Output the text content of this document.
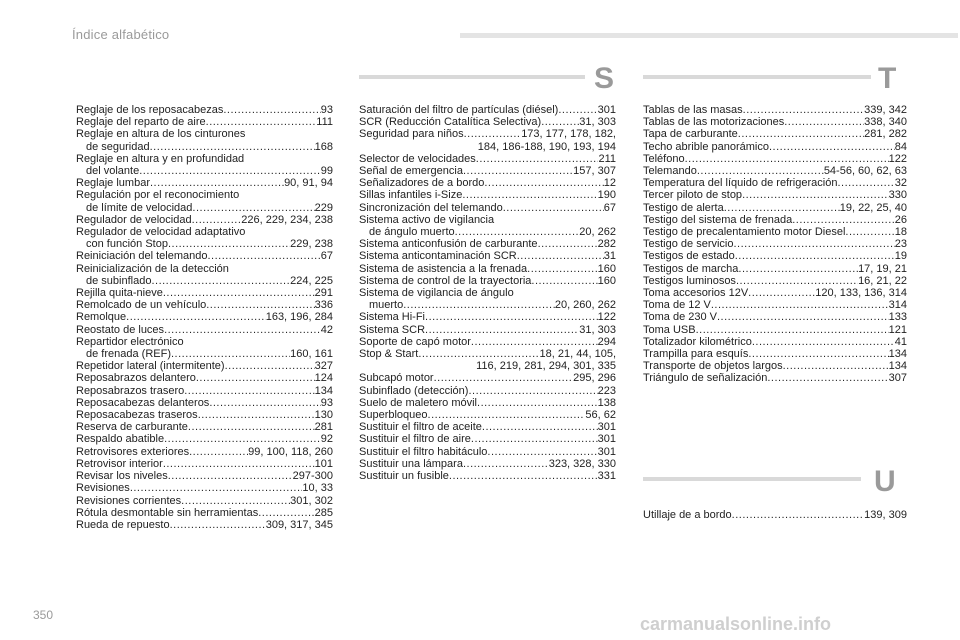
Índice alfabético
S	T
U
Reglaje de los reposacabezas .....	93
Reglaje del reparto de aire .....	111
Reglaje en altura de los cinturones
de seguridad .....	168
Reglaje en altura y en profundidad
del volante .....	99
Reglaje lumbar .....	90, 91, 94
Regulación por el reconocimiento
de límite de velocidad .....	229
Regulador de velocidad .....	226, 229, 234, 238
Regulador de velocidad adaptativo
con función Stop .....	229, 238
Reiniciación del telemando .....	67
Reinicialización de la detección
de subinflado .....	224, 225
Rejilla quita-nieve .....	291
Remolcado de un vehículo .....	336
Remolque .....	163, 196, 284
Reostato de luces .....	42
Repartidor electrónico
de frenada (REF) .....	160, 161
Repetidor lateral (intermitente) .....	327
Reposabrazos delantero .....	124
Reposabrazos trasero .....	134
Reposacabezas delanteros .....	93
Reposacabezas traseros .....	130
Reserva de carburante .....	281
Respaldo abatible .....	92
Retrovisores exteriores .....	99, 100, 118, 260
Retrovisor interior .....	101
Revisar los niveles .....	297-300
Revisiones .....	10, 33
Revisiones corrientes .....	301, 302
Rótula desmontable sin herramientas .....	285
Rueda de repuesto .....	309, 317, 345
Saturación del filtro de partículas (diésel) .....	301
SCR (Reducción Catalítica Selectiva) .....	31, 303
Seguridad para niños .....	173, 177, 178, 182,
184, 186-188, 190, 193, 194
Selector de velocidades .....	211
Señal de emergencia .....	157, 307
Señalizadores de a bordo .....	12
Sillas infantiles i-Size .....	190
Sincronización del telemando .....	67
Sistema activo de vigilancia
de ángulo muerto .....	20, 262
Sistema anticonfusión de carburante .....	282
Sistema anticontaminación SCR .....	31
Sistema de asistencia a la frenada .....	160
Sistema de control de la trayectoria .....	160
Sistema de vigilancia de ángulo
muerto .....	20, 260, 262
Sistema Hi-Fi .....	122
Sistema SCR .....	31, 303
Soporte de capó motor .....	294
Stop & Start .....	18, 21, 44, 105,
116, 219, 281, 294, 301, 335
Subcapó motor .....	295, 296
Subinflado (detección) .....	223
Suelo de maletero móvil .....	138
Superbloqueo .....	56, 62
Sustituir el filtro de aceite .....	301
Sustituir el filtro de aire .....	301
Sustituir el filtro habitáculo .....	301
Sustituir una lámpara .....	323, 328, 330
Sustituir un fusible .....	331
Tablas de las masas .....	339, 342
Tablas de las motorizaciones .....	338, 340
Tapa de carburante .....	281, 282
Techo abrible panorámico .....	84
Teléfono .....	122
Telemando .....	54-56, 60, 62, 63
Temperatura del líquido de refrigeración .....	32
Tercer piloto de stop .....	330
Testigo de alerta .....	19, 22, 25, 40
Testigo del sistema de frenada .....	26
Testigo de precalentamiento motor Diesel .....	18
Testigo de servicio .....	23
Testigos de estado .....	19
Testigos de marcha .....	17, 19, 21
Testigos luminosos .....	16, 21, 22
Toma accesorios 12V .....	120, 133, 136, 314
Toma de 12 V .....	314
Toma de 230 V .....	133
Toma USB .....	121
Totalizador kilométrico .....	41
Trampilla para esquís .....	134
Transporte de objetos largos .....	134
Triángulo de señalización .....	307
Utillaje de a bordo .....	139, 309
350	carmanualsonline.info
